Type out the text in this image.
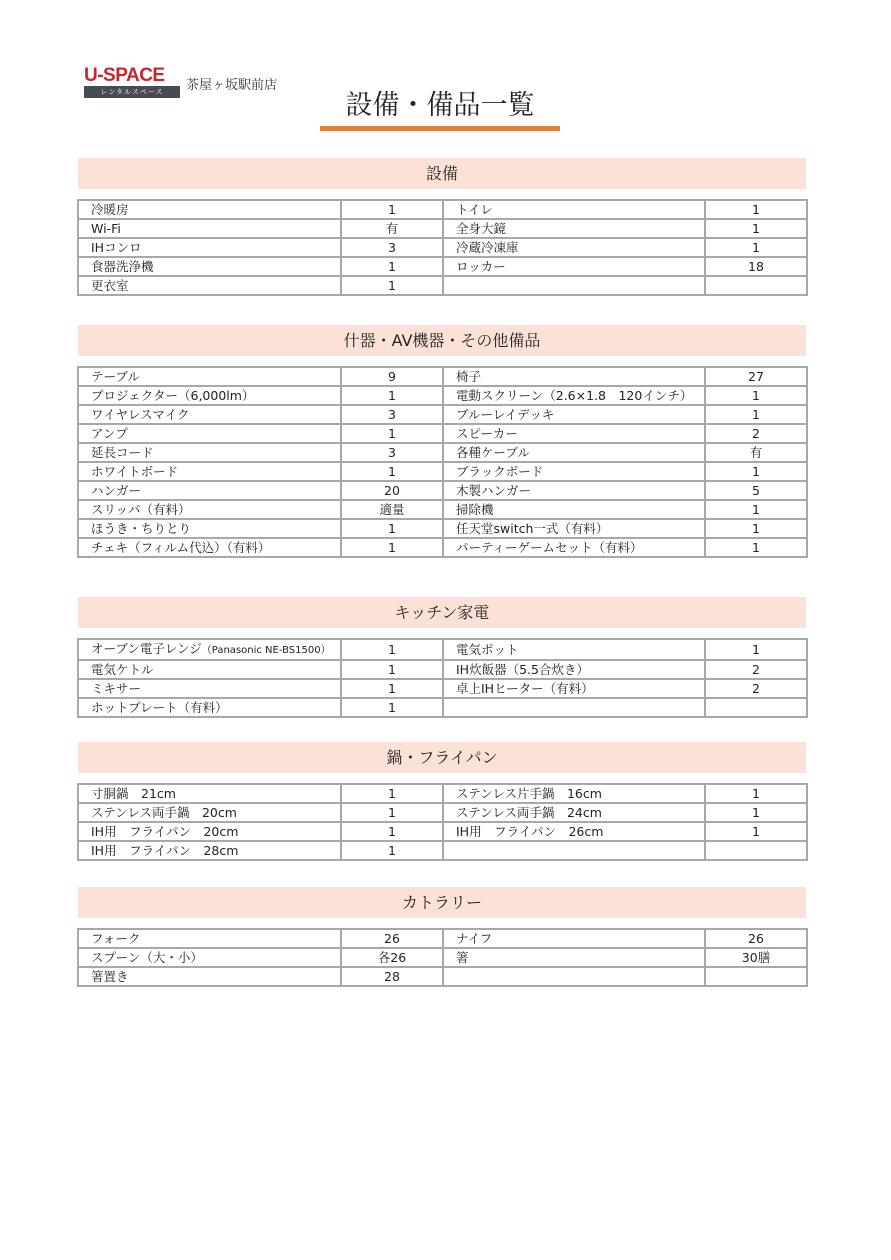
U-SPACE
レンタルスペース	茶屋ヶ坂駅前店
設備・備品一覧
設備
冷暖房	1	トイレ	1
Wi-Fi	有	全身大鏡	1
IHコンロ	3	冷蔵冷凍庫	1
食器洗浄機	1	ロッカー	18
更衣室	1		
什器・AV機器・その他備品
テーブル	9	椅子	27
プロジェクター（6,000lm）	1	電動スクリーン（2.6×1.8　120インチ）	1
ワイヤレスマイク	3	ブルーレイデッキ	1
アンプ	1	スピーカー	2
延長コード	3	各種ケーブル	有
ホワイトボード	1	ブラックボード	1
ハンガー	20	木製ハンガー	5
スリッパ（有料）	適量	掃除機	1
ほうき・ちりとり	1	任天堂switch一式（有料）	1
チェキ（フィルム代込）（有料）	1	パーティーゲームセット（有料）	1
キッチン家電
オーブン電子レンジ（Panasonic NE-BS1500）	1	電気ポット	1
電気ケトル	1	IH炊飯器（5.5合炊き）	2
ミキサー	1	卓上IHヒーター（有料）	2
ホットプレート（有料）	1		
鍋・フライパン
寸胴鍋　21cm	1	ステンレス片手鍋　16cm	1
ステンレス両手鍋　20cm	1	ステンレス両手鍋　24cm	1
IH用　フライパン　20cm	1	IH用　フライパン　26cm	1
IH用　フライパン　28cm	1		
カトラリー
フォーク	26	ナイフ	26
スプーン（大・小）	各26	箸	30膳
箸置き	28		
